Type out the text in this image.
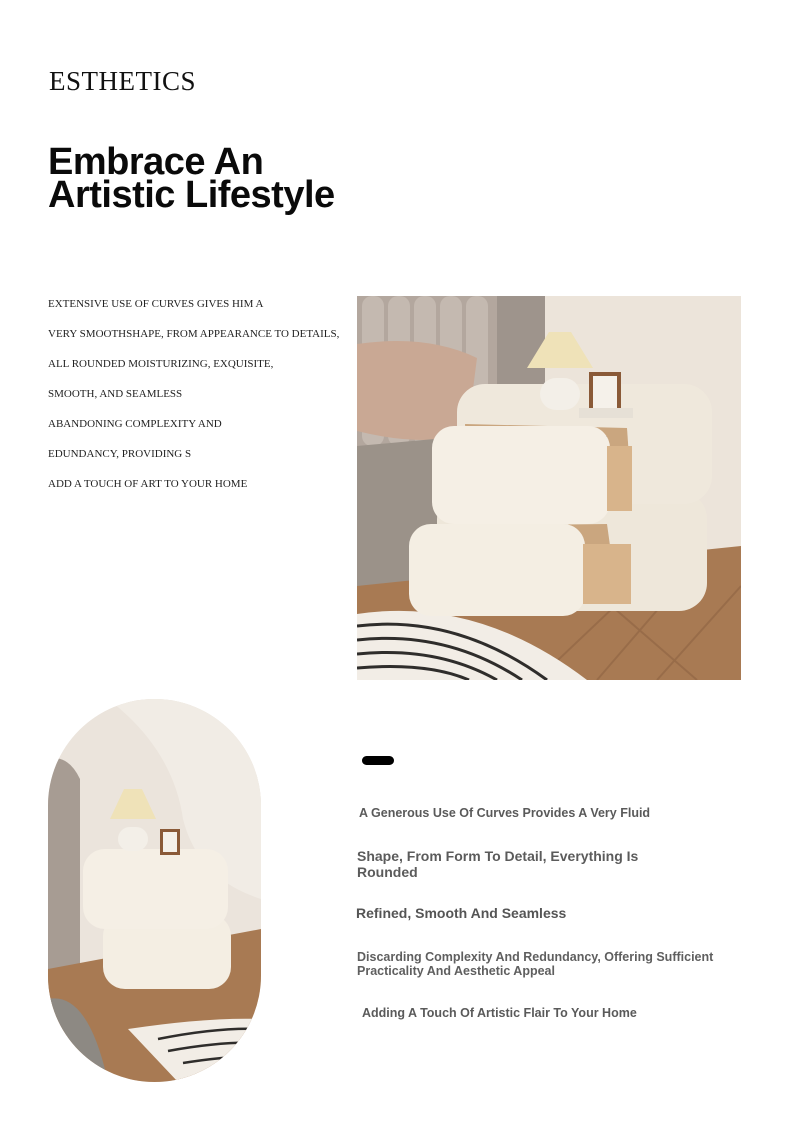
ESTHETICS
Embrace An
Artistic Lifestyle
EXTENSIVE USE OF CURVES GIVES HIM A
VERY SMOOTHSHAPE, FROM APPEARANCE TO DETAILS,
ALL ROUNDED MOISTURIZING, EXQUISITE,
SMOOTH, AND SEAMLESS
ABANDONING COMPLEXITY AND
EDUNDANCY, PROVIDING S
ADD A TOUCH OF ART TO YOUR HOME

A Generous Use Of Curves Provides A Very Fluid

Shape, From Form To Detail, Everything Is Rounded

Refined, Smooth And Seamless

Discarding Complexity And Redundancy, Offering Sufficient Practicality And Aesthetic Appeal

Adding A Touch Of Artistic Flair To Your Home
